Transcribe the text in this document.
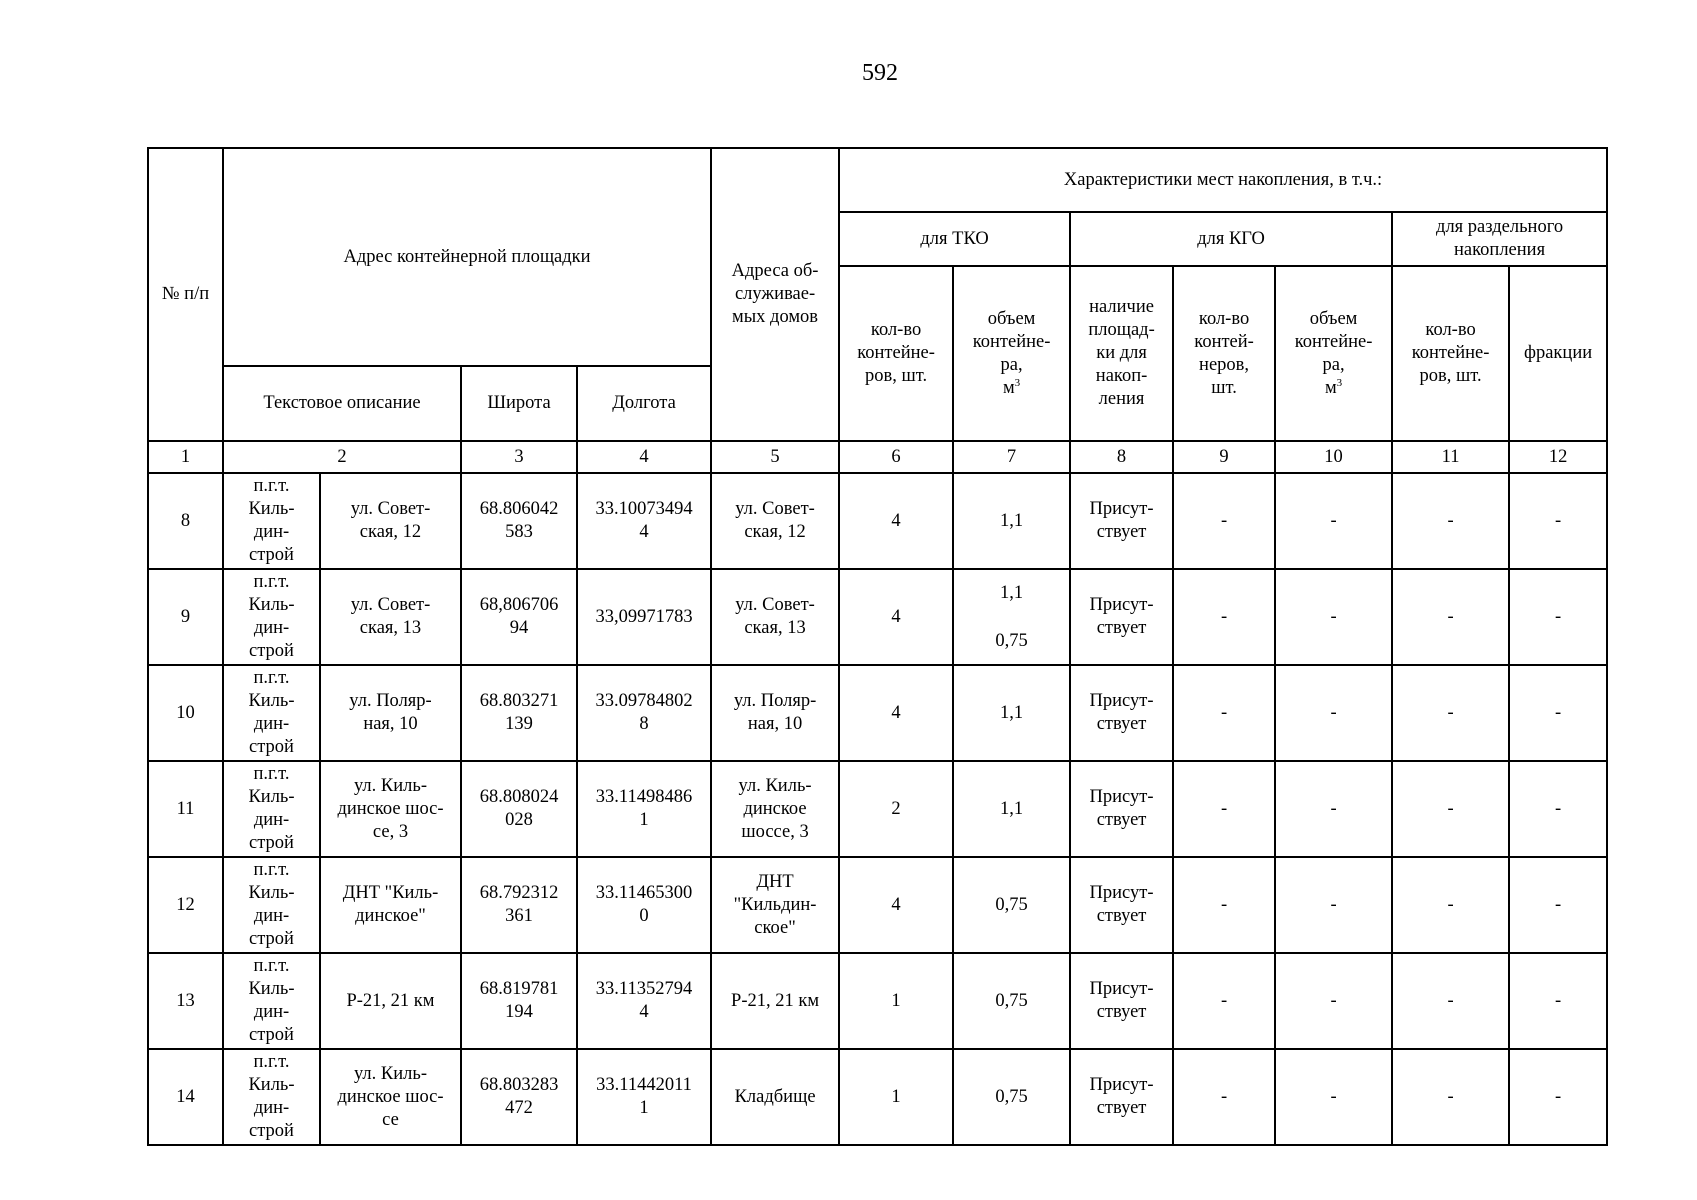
592
№ п/п	Адрес контейнерной площадки				Адреса об-
служивае-
мых домов	Характеристики мест накопления, в т.ч.:						
						для ТКО		для КГО			для раздельного
накопления	

						кол-во
контейне-
ров, шт.	объем
контейне-
ра,
$м^3$	наличие
площад-
ки для
накоп-
ления	кол-во
контей-
неров,
шт.	объем
контейне-
ра,
$м^3$	кол-во
контейне-
ров, шт.	фракции
	Текстовое описание		Широта	Долгота								
1	2		3	4	5	6	7	8	9	10	11	12
8	п.г.т.
Киль-
дин-
строй	ул. Совет-
ская, 12	68.806042
583	33.10073494
4	ул. Совет-
ская, 12	4	1,1	Присут-
ствует	-	-	-	-
9	п.г.т.
Киль-
дин-
строй	ул. Совет-
ская, 13	68,806706
94	33,09971783	ул. Совет-
ская, 13	4	1,1
0,75	Присут-
ствует	-	-	-	-
10	п.г.т.
Киль-
дин-
строй	ул. Поляр-
ная, 10	68.803271
139	33.09784802
8	ул. Поляр-
ная, 10	4	1,1	Присут-
ствует	-	-	-	-
11	п.г.т.
Киль-
дин-
строй	ул. Киль-
динское шос-
се, 3	68.808024
028	33.11498486
1	ул. Киль-
динское
шоссе, 3	2	1,1	Присут-
ствует	-	-	-	-
12	п.г.т.
Киль-
дин-
строй	ДНТ "Киль-
динское"	68.792312
361	33.11465300
0	ДНТ
"Кильдин-
ское"	4	0,75	Присут-
ствует	-	-	-	-
13	п.г.т.
Киль-
дин-
строй	Р-21, 21 км	68.819781
194	33.11352794
4	Р-21, 21 км	1	0,75	Присут-
ствует	-	-	-	-
14	п.г.т.
Киль-
дин-
строй	ул. Киль-
динское шос-
се	68.803283
472	33.11442011
1	Кладбище	1	0,75	Присут-
ствует	-	-	-	-
